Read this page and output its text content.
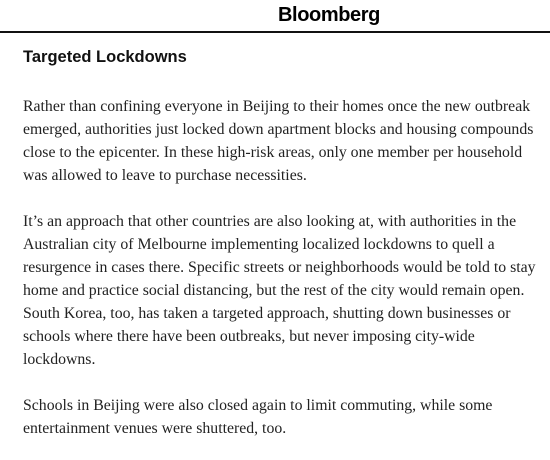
Bloomberg
Targeted Lockdowns

Rather than confining everyone in Beijing to their homes once the new outbreak emerged, authorities just locked down apartment blocks and housing compounds close to the epicenter. In these high-risk areas, only one member per household was allowed to leave to purchase necessities.

It’s an approach that other countries are also looking at, with authorities in the Australian city of Melbourne implementing localized lockdowns to quell a resurgence in cases there. Specific streets or neighborhoods would be told to stay home and practice social distancing, but the rest of the city would remain open. South Korea, too, has taken a targeted approach, shutting down businesses or schools where there have been outbreaks, but never imposing city-wide lockdowns.

Schools in Beijing were also closed again to limit commuting, while some entertainment venues were shuttered, too.
